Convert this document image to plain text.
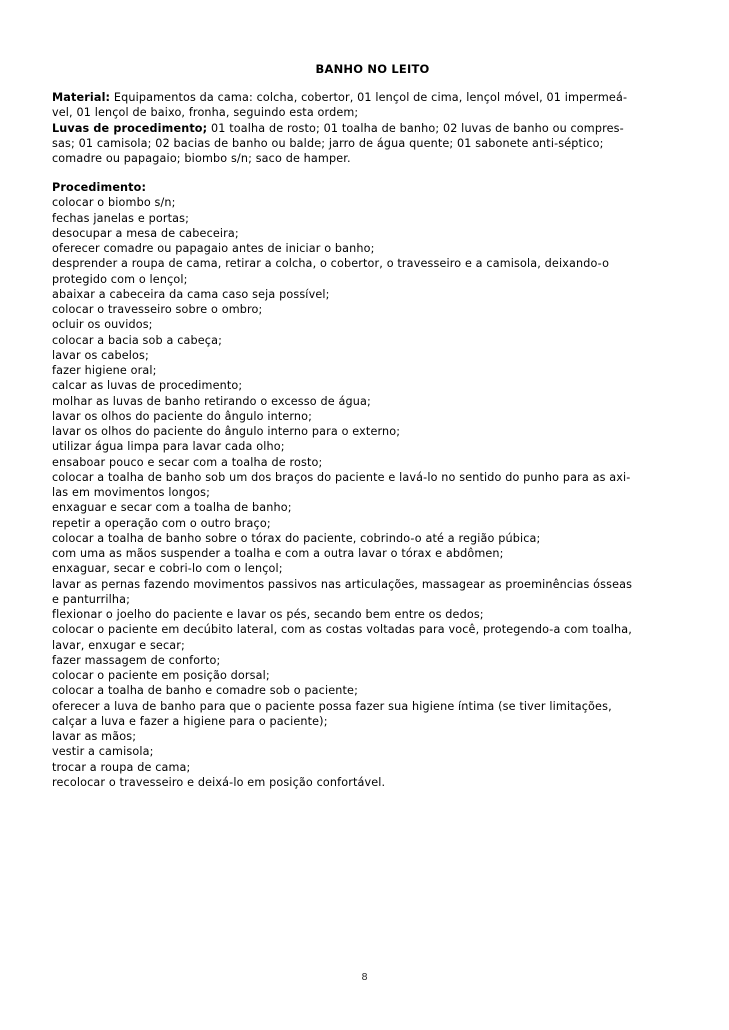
BANHO NO LEITO
Material: Equipamentos da cama: colcha, cobertor, 01 lençol de cima, lençol móvel, 01 impermeá-
vel, 01 lençol de baixo, fronha, seguindo esta ordem;
Luvas de procedimento; 01 toalha de rosto; 01 toalha de banho; 02 luvas de banho ou compres-
sas; 01 camisola; 02 bacias de banho ou balde; jarro de água quente; 01 sabonete anti-séptico;
comadre ou papagaio; biombo s/n; saco de hamper.
Procedimento:
colocar o biombo s/n;
fechas janelas e portas;
desocupar a mesa de cabeceira;
oferecer comadre ou papagaio antes de iniciar o banho;
desprender a roupa de cama, retirar a colcha, o cobertor, o travesseiro e a camisola, deixando-o
protegido com o lençol;
abaixar a cabeceira da cama caso seja possível;
colocar o travesseiro sobre o ombro;
ocluir os ouvidos;
colocar a bacia sob a cabeça;
lavar os cabelos;
fazer higiene oral;
calcar as luvas de procedimento;
molhar as luvas de banho retirando o excesso de água;
lavar os olhos do paciente do ângulo interno;
lavar os olhos do paciente do ângulo interno para o externo;
utilizar água limpa para lavar cada olho;
ensaboar pouco e secar com a toalha de rosto;
colocar a toalha de banho sob um dos braços do paciente e lavá-lo no sentido do punho para as axi-
las em movimentos longos;
enxaguar e secar com a toalha de banho;
repetir a operação com o outro braço;
colocar a toalha de banho sobre o tórax do paciente, cobrindo-o até a região púbica;
com uma as mãos suspender a toalha e com a outra lavar o tórax e abdômen;
enxaguar, secar e cobri-lo com o lençol;
lavar as pernas fazendo movimentos passivos nas articulações, massagear as proeminências ósseas
e panturrilha;
flexionar o joelho do paciente e lavar os pés, secando bem entre os dedos;
colocar o paciente em decúbito lateral, com as costas voltadas para você, protegendo-a com toalha,
lavar, enxugar e secar;
fazer massagem de conforto;
colocar o paciente em posição dorsal;
colocar a toalha de banho e comadre sob o paciente;
oferecer a luva de banho para que o paciente possa fazer sua higiene íntima (se tiver limitações,
calçar a luva e fazer a higiene para o paciente);
lavar as mãos;
vestir a camisola;
trocar a roupa de cama;
recolocar o travesseiro e deixá-lo em posição confortável.
8
